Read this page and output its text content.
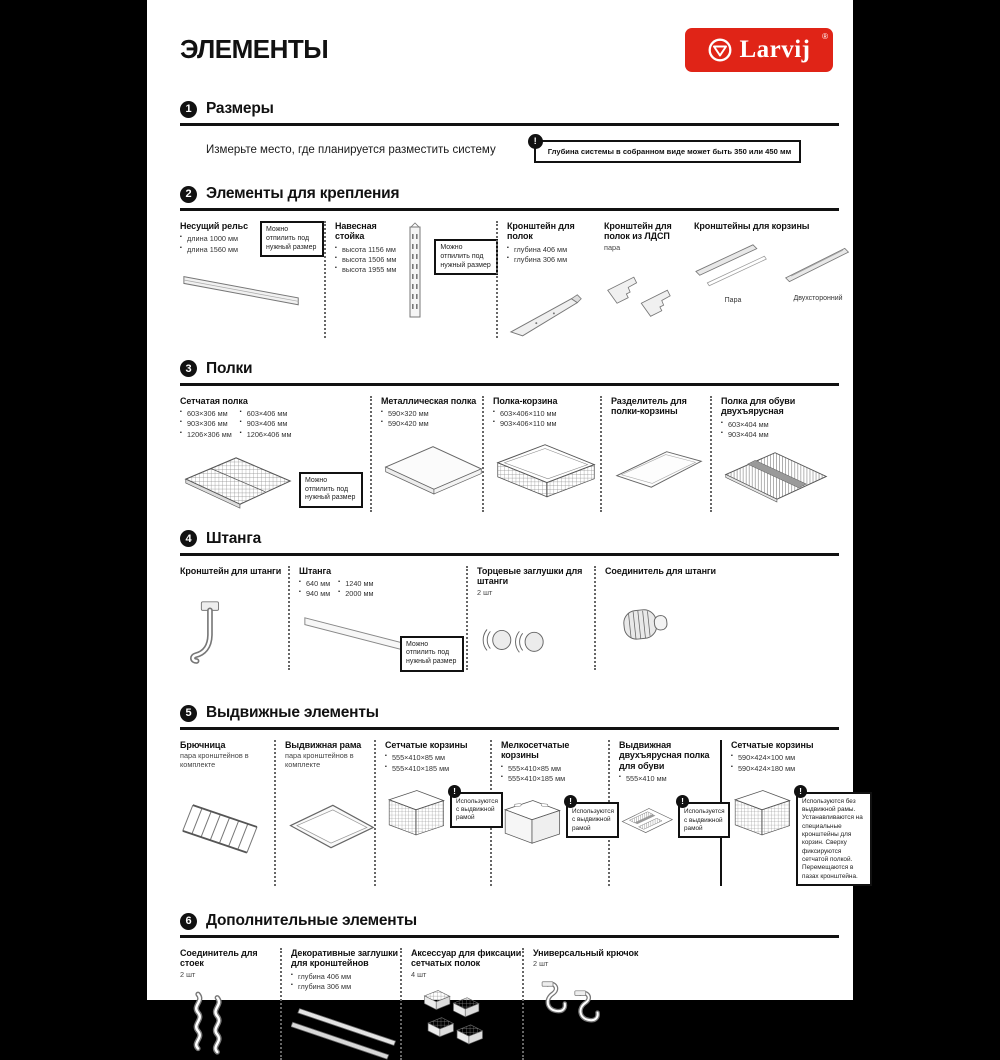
ЭЛЕМЕНТЫ	Larvij ®
1 Размеры
Измерьте место, где планируется разместить систему
!
Глубина системы в собранном виде может быть 350 или 450 мм
2 Элементы для крепления
Несущий рельс
▪ длина 1000 мм
▪ длина 1560 мм
Можно отпилить под нужный размер
Навесная стойка
▪ высота 1156 мм
▪ высота 1506 мм
▪ высота 1955 мм
Можно отпилить под нужный размер
Кронштейн для полок
▪ глубина 406 мм
▪ глубина 306 мм
Кронштейн для полок из ЛДСП
пара
Кронштейны для корзины
Пара	Двухсторонний
3 Полки
Сетчатая полка
▪ 603×306 мм
▪ 903×306 мм
▪ 1206×306 мм
▪ 603×406 мм
▪ 903×406 мм
▪ 1206×406 мм
Можно отпилить под нужный размер
Металлическая полка
▪ 590×320 мм
▪ 590×420 мм
Полка-корзина
▪ 603×406×110 мм
▪ 903×406×110 мм
Разделитель для полки-корзины
Полка для обуви двухъярусная
▪ 603×404 мм
▪ 903×404 мм
4 Штанга
Кронштейн для штанги	Штанга
▪ 640 мм
▪ 940 мм
▪ 1240 мм
▪ 2000 мм
Можно отпилить под нужный размер
Торцевые заглушки для штанги
2 шт
Соединитель для штанги
5 Выдвижные элементы
Брючница
пара кронштейнов в комплекте
Выдвижная рама
пара кронштейнов в комплекте
Сетчатые корзины
▪ 555×410×85 мм
▪ 555×410×185 мм
!
Используются с выдвижной рамой
Мелкосетчатые корзины
▪ 555×410×85 мм
▪ 555×410×185 мм
!
Используются с выдвижной рамой
Выдвижная двухъярусная полка для обуви
▪ 555×410 мм
!
Используется с выдвижной рамой
Сетчатые корзины
▪ 590×424×100 мм
▪ 590×424×180 мм
!
Используются без выдвижной рамы. Устанавливаются на специальные кронштейны для корзин. Сверху фиксируются сетчатой полкой. Перемещаются в пазах кронштейна.
6 Дополнительные элементы
Соединитель для стоек
2 шт
Декоративные заглушки для кронштейнов
▪ глубина 406 мм
▪ глубина 306 мм
Аксессуар для фиксации сетчатых полок
4 шт
Универсальный крючок
2 шт
